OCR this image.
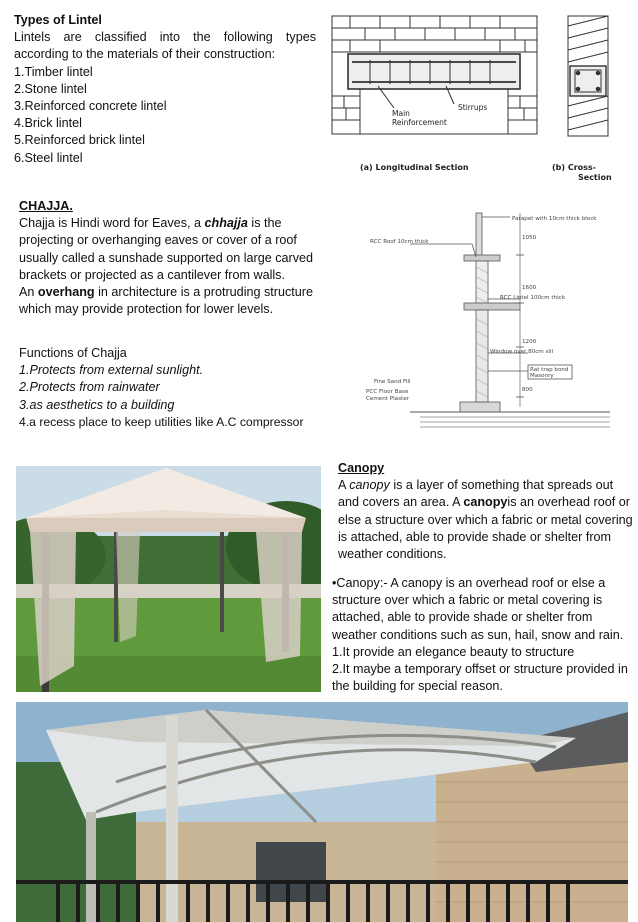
Types of Lintel
Lintels are classified into the following types according to the materials of their construction:
1.Timber lintel
2.Stone lintel
3.Reinforced concrete lintel
4.Brick lintel
5.Reinforced brick lintel
6.Steel lintel
Main
Reinforcement
Stirrups
(a) Longitudinal Section	(b) Cross-
Section
CHAJJA.
Chajja is Hindi word for Eaves, a chhajja is the projecting or overhanging eaves or cover of a roof usually called a sunshade supported on large carved brackets or projected as a cantilever from walls.
An overhang in architecture is a protruding structure which may provide protection for lower levels.
Functions of Chajja
1.Protects from external sunlight.
2.Protects from rainwater
3.as aesthetics to a building
4.a recess place to keep utilities like A.C compressor
Parapet with 10cm thick block
RCC Roof 10cm thick
RCC Lintel 100cm thick
Window over 80cm sill
Rat trap bond
Masonry
Fine Sand Fill
PCC Floor Base
Cement Plaster
1050
1600
1200
800
Canopy
A canopy is a layer of something that spreads out and covers an area. A canopyis an overhead roof or else a structure over which a fabric or metal covering is attached, able to provide shade or shelter from weather conditions.
•Canopy:- A canopy is an overhead roof or else a structure over which a fabric or metal covering is attached, able to provide shade or shelter from weather conditions such as sun, hail, snow and rain.
1.It provide an elegance beauty to structure
2.It maybe a temporary offset or structure provided in the building for special reason.
